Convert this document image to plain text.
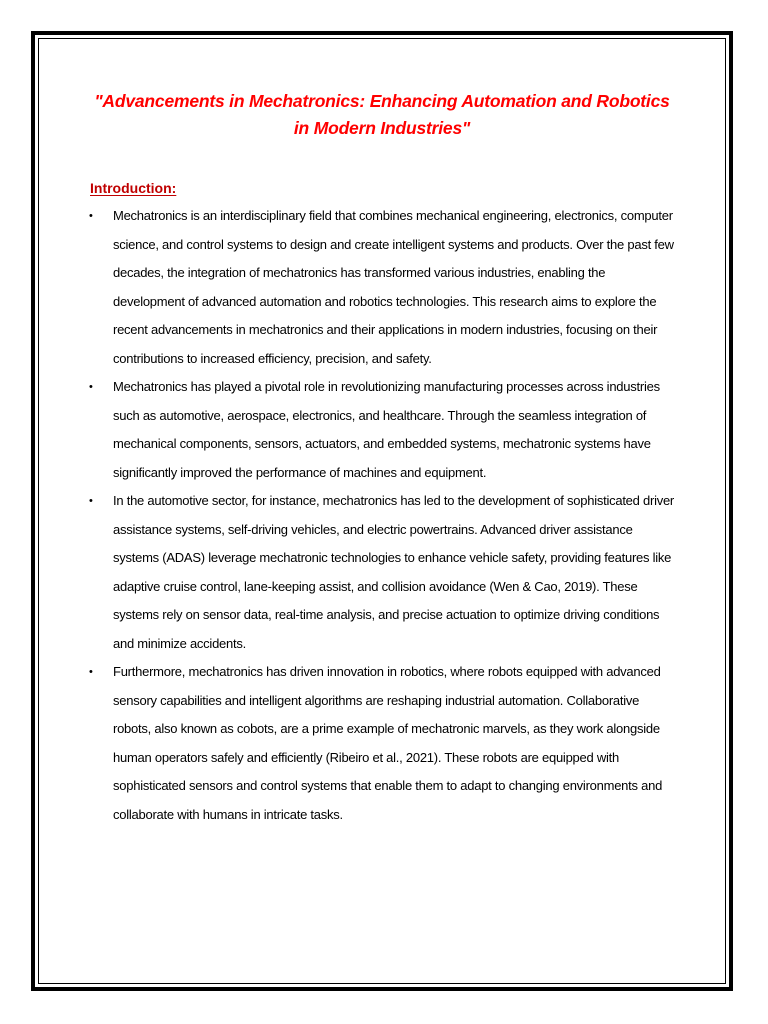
"Advancements in Mechatronics: Enhancing Automation and Robotics in Modern Industries"
Introduction:
• Mechatronics is an interdisciplinary field that combines mechanical engineering, electronics, computer science, and control systems to design and create intelligent systems and products. Over the past few decades, the integration of mechatronics has transformed various industries, enabling the development of advanced automation and robotics technologies. This research aims to explore the recent advancements in mechatronics and their applications in modern industries, focusing on their contributions to increased efficiency, precision, and safety.
• Mechatronics has played a pivotal role in revolutionizing manufacturing processes across industries such as automotive, aerospace, electronics, and healthcare. Through the seamless integration of mechanical components, sensors, actuators, and embedded systems, mechatronic systems have significantly improved the performance of machines and equipment.
• In the automotive sector, for instance, mechatronics has led to the development of sophisticated driver assistance systems, self-driving vehicles, and electric powertrains. Advanced driver assistance systems (ADAS) leverage mechatronic technologies to enhance vehicle safety, providing features like adaptive cruise control, lane-keeping assist, and collision avoidance (Wen & Cao, 2019). These systems rely on sensor data, real-time analysis, and precise actuation to optimize driving conditions and minimize accidents.
• Furthermore, mechatronics has driven innovation in robotics, where robots equipped with advanced sensory capabilities and intelligent algorithms are reshaping industrial automation. Collaborative robots, also known as cobots, are a prime example of mechatronic marvels, as they work alongside human operators safely and efficiently (Ribeiro et al., 2021). These robots are equipped with sophisticated sensors and control systems that enable them to adapt to changing environments and collaborate with humans in intricate tasks.
